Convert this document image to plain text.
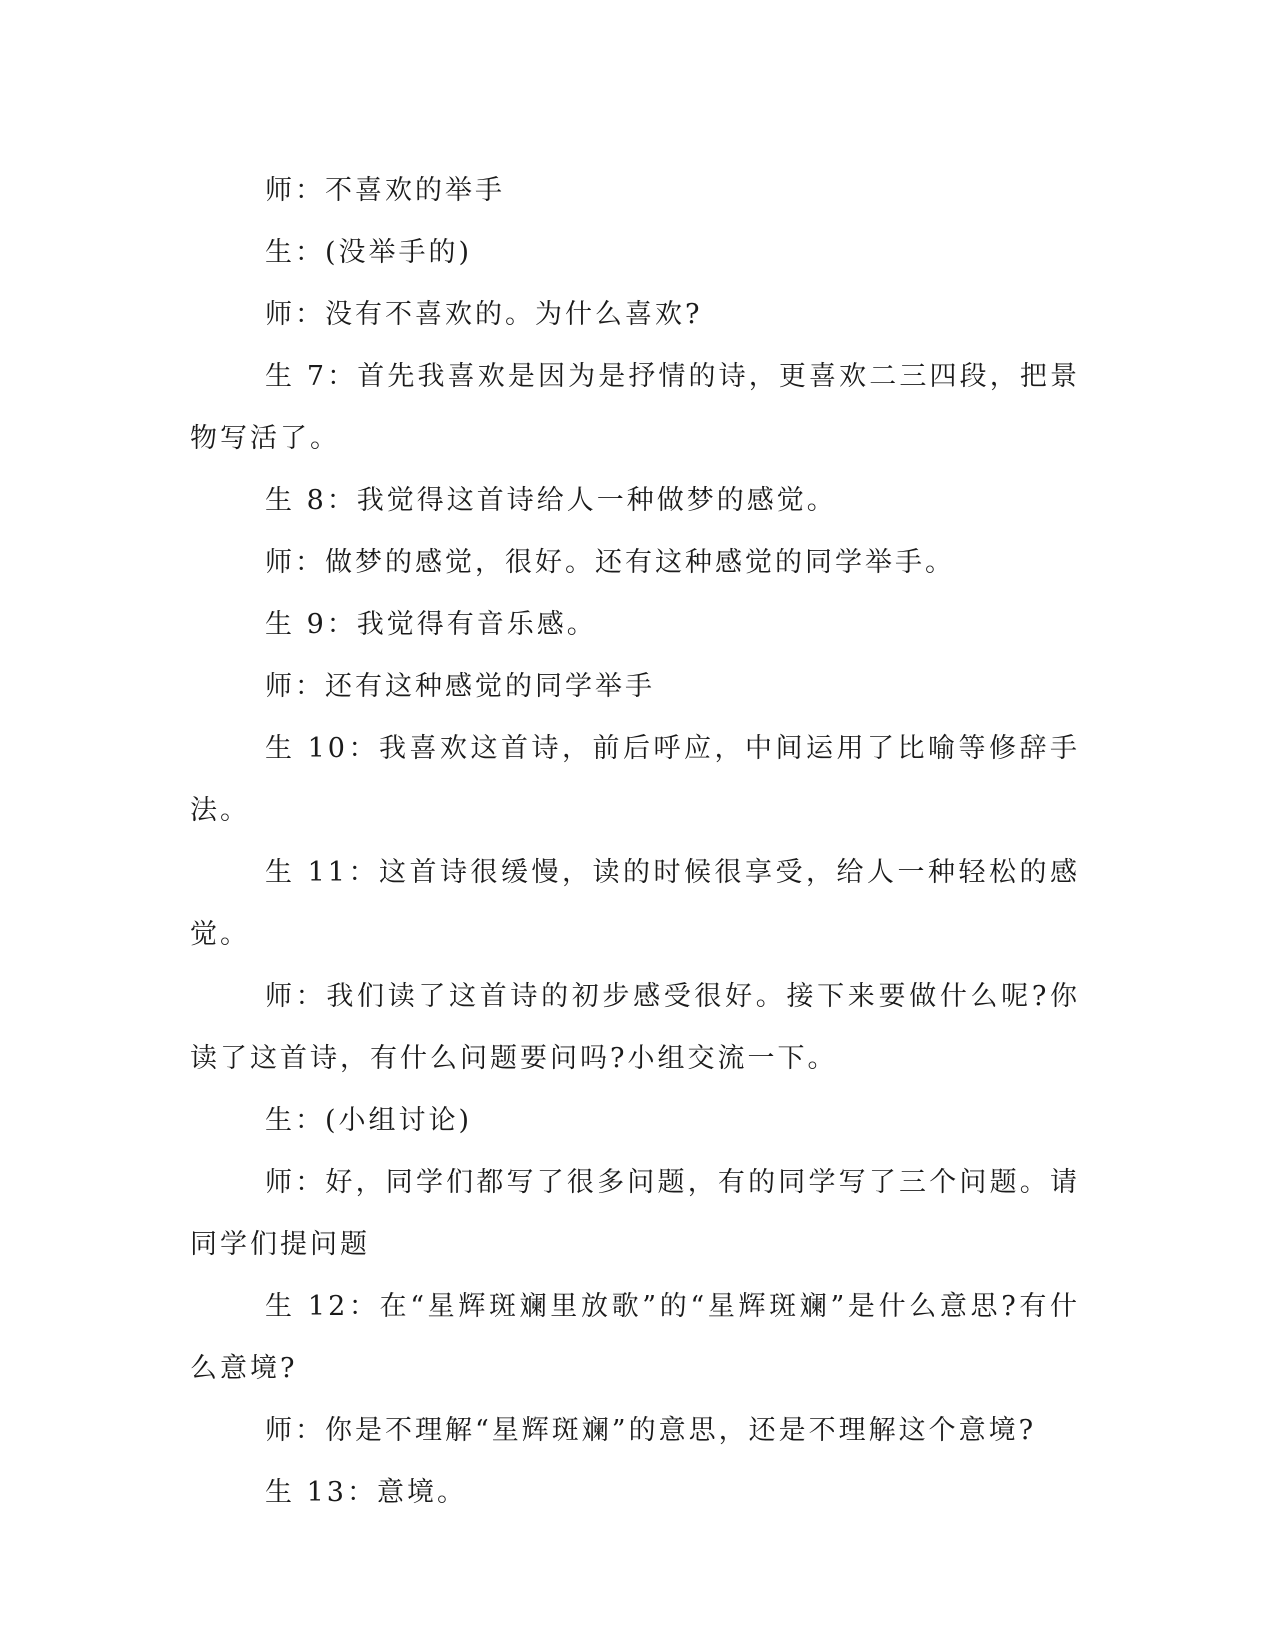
师：不喜欢的举手

生：(没举手的)

师：没有不喜欢的。为什么喜欢?

生 7：首先我喜欢是因为是抒情的诗，更喜欢二三四段，把景物写活了。

生 8：我觉得这首诗给人一种做梦的感觉。

师：做梦的感觉，很好。还有这种感觉的同学举手。

生 9：我觉得有音乐感。

师：还有这种感觉的同学举手

生 10：我喜欢这首诗，前后呼应，中间运用了比喻等修辞手法。

生 11：这首诗很缓慢，读的时候很享受，给人一种轻松的感觉。

师：我们读了这首诗的初步感受很好。接下来要做什么呢?你读了这首诗，有什么问题要问吗?小组交流一下。

生：(小组讨论)

师：好，同学们都写了很多问题，有的同学写了三个问题。请同学们提问题

生 12：在“星辉斑斓里放歌”的“星辉斑斓”是什么意思?有什么意境?

师：你是不理解“星辉斑斓”的意思，还是不理解这个意境?

生 13：意境。
